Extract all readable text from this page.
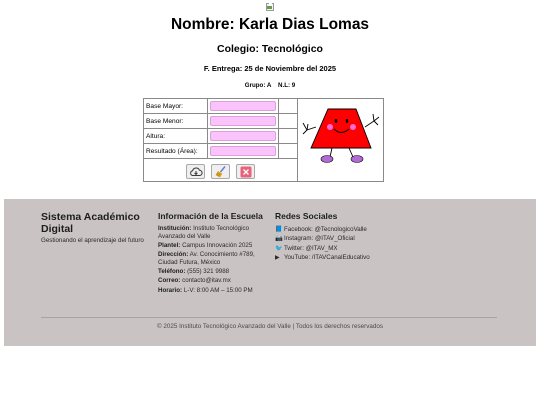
Nombre: Karla Dias Lomas
Colegio: Tecnológico
F. Entrega: 25 de Noviembre del 2025
Grupo: A    N.L: 9
Base Mayor:	

Base Menor:	

Altura:	

Resultado (Área):	

Sistema Académico Digital
Gestionando el aprendizaje del futuro
Información de la Escuela
Institución: Instituto Tecnológico Avanzado del Valle
Plantel: Campus Innovación 2025
Dirección: Av. Conocimiento #789, Ciudad Futura, México
Teléfono: (555) 321 9988
Correo: contacto@itav.mx
Horario: L-V: 8:00 AM – 15:00 PM
Redes Sociales
📘Facebook: @TecnologicoValle
📷Instagram: @ITAV_Oficial
🐦Twitter: @ITAV_MX
▶ YouTube: /ITAVCanalEducativo
© 2025 Instituto Tecnológico Avanzado del Valle | Todos los derechos reservados
